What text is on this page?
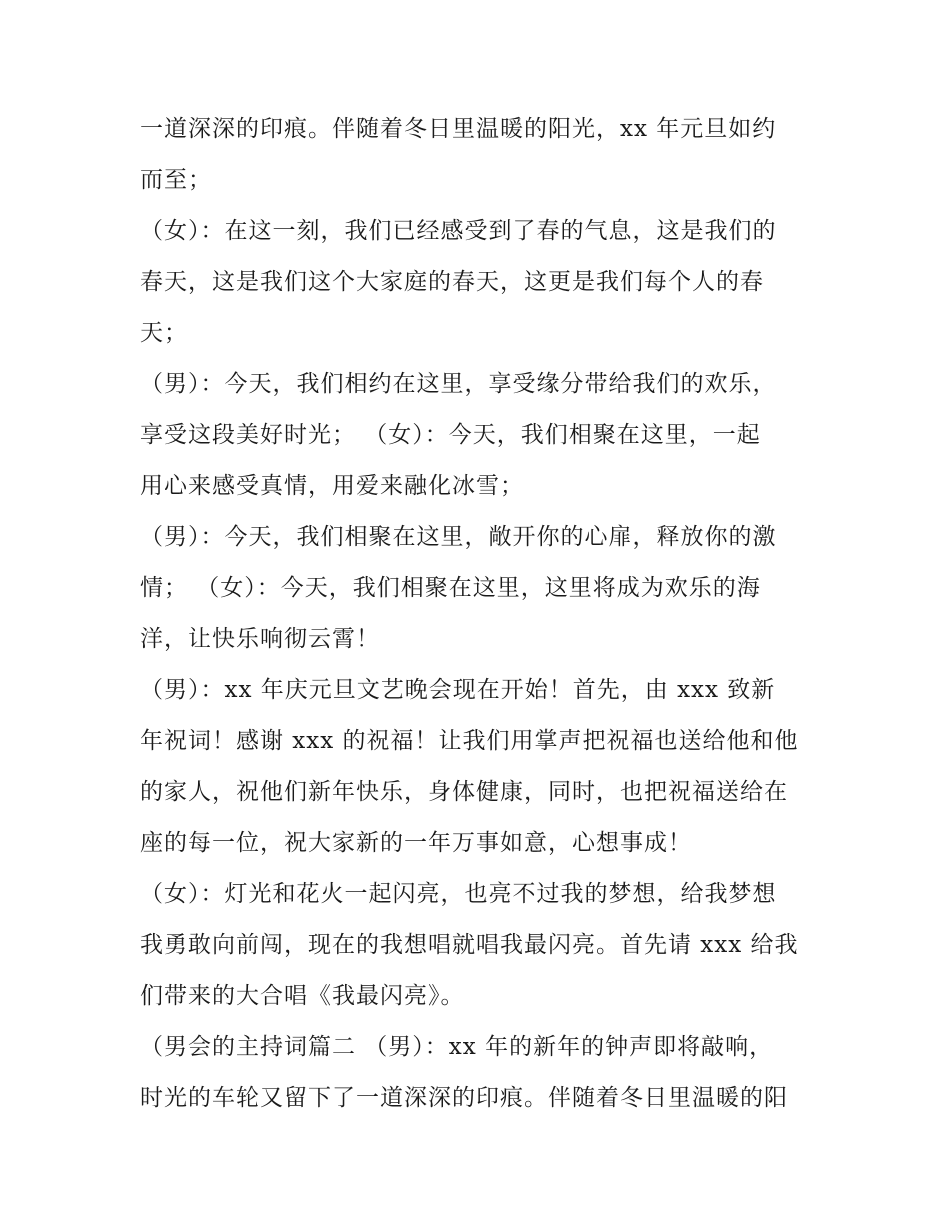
一道深深的印痕。伴随着冬日里温暖的阳光，xx 年元旦如约

而至；

（女）：在这一刻，我们已经感受到了春的气息，这是我们的

春天，这是我们这个大家庭的春天，这更是我们每个人的春

天；

（男）：今天，我们相约在这里，享受缘分带给我们的欢乐，

享受这段美好时光； （女）：今天，我们相聚在这里，一起

用心来感受真情，用爱来融化冰雪；

（男）：今天，我们相聚在这里，敞开你的心扉，释放你的激

情； （女）：今天，我们相聚在这里，这里将成为欢乐的海

洋，让快乐响彻云霄！

（男）：xx 年庆元旦文艺晚会现在开始！首先，由 xxx 致新

年祝词！感谢 xxx 的祝福！让我们用掌声把祝福也送给他和他

的家人，祝他们新年快乐，身体健康，同时，也把祝福送给在

座的每一位，祝大家新的一年万事如意，心想事成！

（女）：灯光和花火一起闪亮，也亮不过我的梦想，给我梦想

我勇敢向前闯，现在的我想唱就唱我最闪亮。首先请 xxx 给我

们带来的大合唱《我最闪亮》。

（男会的主持词篇二 （男）：xx 年的新年的钟声即将敲响，

时光的车轮又留下了一道深深的印痕。伴随着冬日里温暖的阳
